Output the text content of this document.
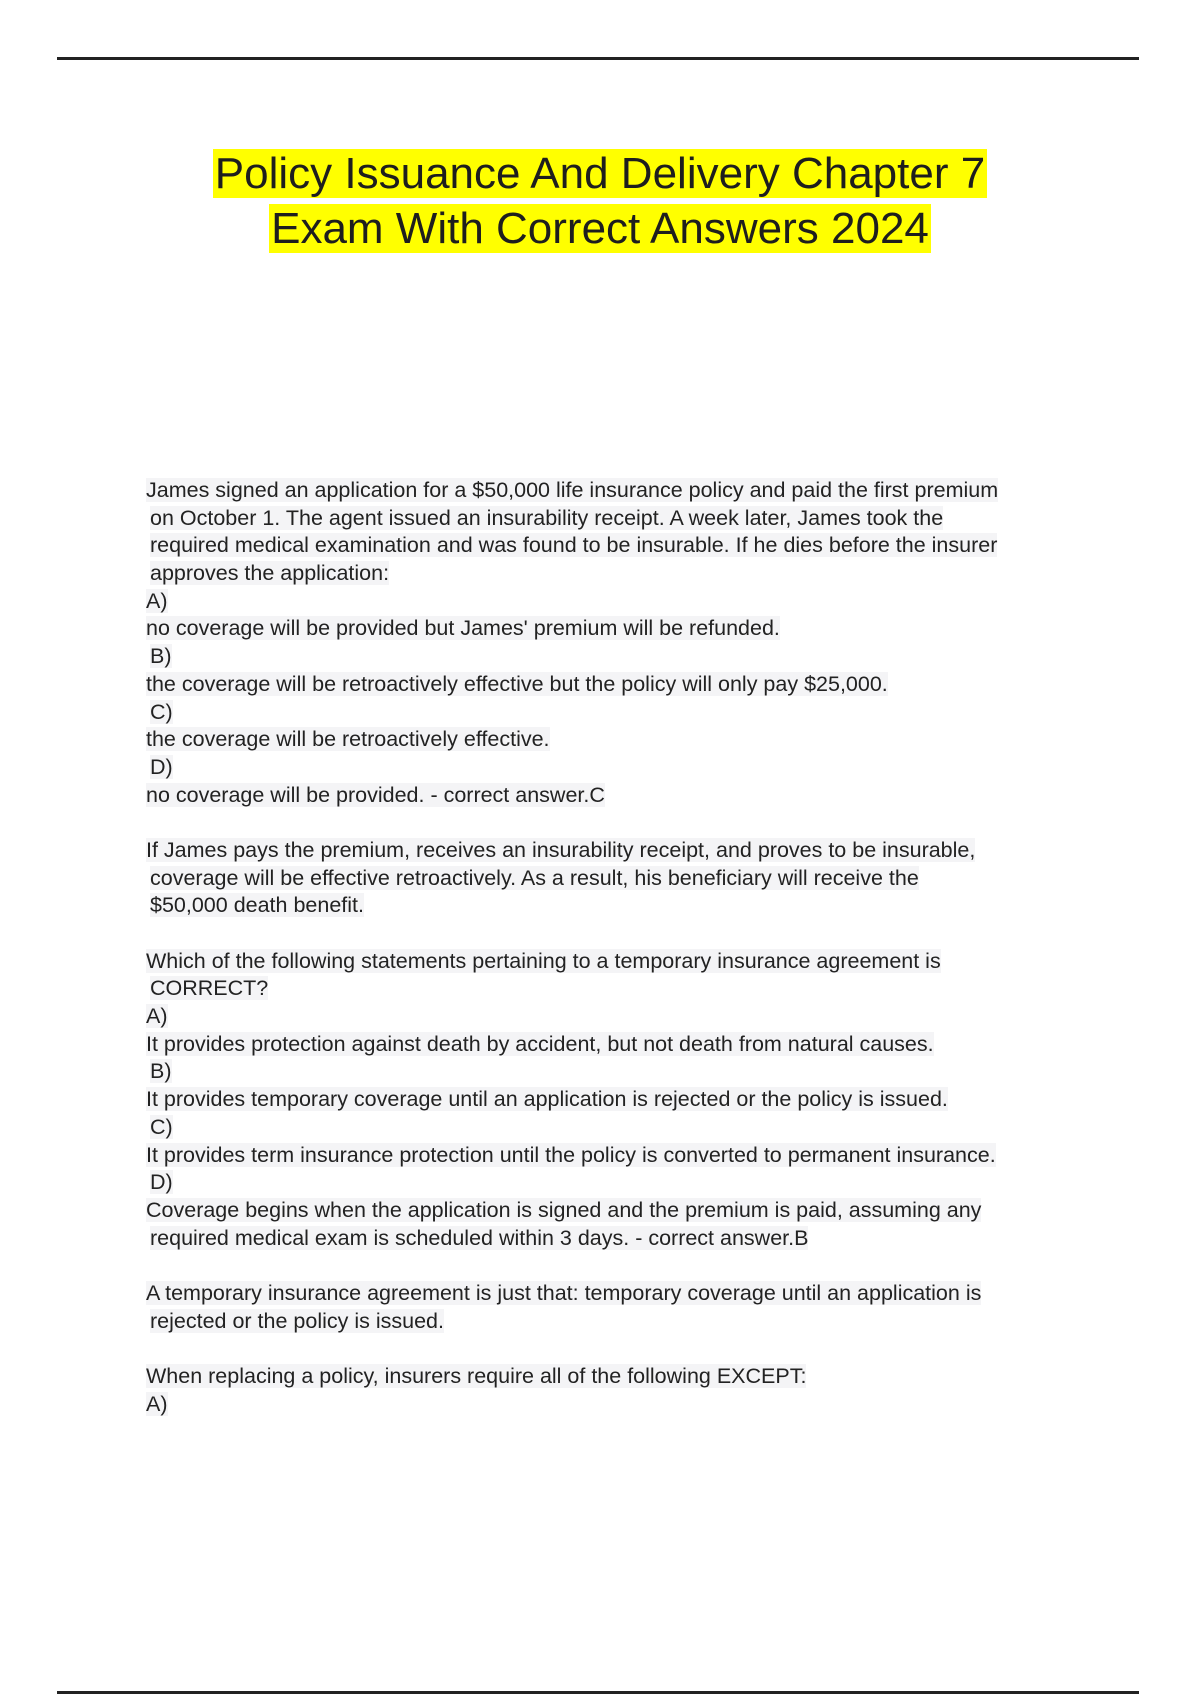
Policy Issuance And Delivery Chapter 7
Exam With Correct Answers 2024
James signed an application for a $50,000 life insurance policy and paid the first premium
on October 1. The agent issued an insurability receipt. A week later, James took the
required medical examination and was found to be insurable. If he dies before the insurer
approves the application:
A)
no coverage will be provided but James' premium will be refunded.
B)
the coverage will be retroactively effective but the policy will only pay $25,000.
C)
the coverage will be retroactively effective.
D)
no coverage will be provided. - correct answer.C
If James pays the premium, receives an insurability receipt, and proves to be insurable,
coverage will be effective retroactively. As a result, his beneficiary will receive the
$50,000 death benefit.
Which of the following statements pertaining to a temporary insurance agreement is
CORRECT?
A)
It provides protection against death by accident, but not death from natural causes.
B)
It provides temporary coverage until an application is rejected or the policy is issued.
C)
It provides term insurance protection until the policy is converted to permanent insurance.
D)
Coverage begins when the application is signed and the premium is paid, assuming any
required medical exam is scheduled within 3 days. - correct answer.B
A temporary insurance agreement is just that: temporary coverage until an application is
rejected or the policy is issued.
When replacing a policy, insurers require all of the following EXCEPT:
A)
